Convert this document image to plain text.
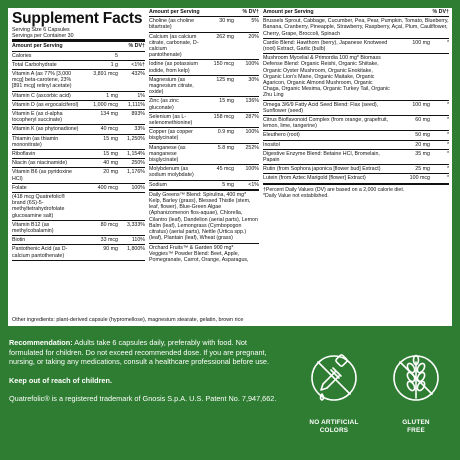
Supplement Facts
Serving Size 6 Capsules
Servings per Container 30
Amount per Serving	% DV†
Calories	5
Total Carbohydrate	1 g	<1%†
Vitamin A (as 77% [3,000 mcg] beta-carotene, 23% [891 mcg] retinyl acetate)
3,891 mcg	432%
Vitamin C (ascorbic acid)	1 mg	1%
Vitamin D (as ergocalciferol)	1,000 mcg	1,111%
Vitamin E (as d-alpha tocopheryl succinate)
134 mg	893%
Vitamin K (as phytonadione)	40 mcg	33%
Thiamin (as thiamin mononitrate)
15 mg	1,250%
Riboflavin	15 mg	1,154%
Niacin (as niacinamide)	40 mg	250%
Vitamin B6 (as pyridoxine HCl)
20 mg	1,176%
Folate	400 mcg	100%
(418 mcg Quatrefolic® brand (6S)-5-methyltetrahydrofolate glucosamine salt)
Vitamin B12 (as methylcobalamin)
80 mcg	3,333%
Biotin	33 mcg	110%
Pantothenic Acid (as D-calcium pantothenate)
90 mg	1,800%
Amount per Serving	% DV†
Choline (as choline bitartrate)
30 mg	5%
Calcium (as calcium citrate, carbonate, D-calcium pantothenate)
262 mg	20%
Iodine (as potassium iodide, from kelp)
150 mcg	100%
Magnesium (as magnesium citrate, oxide)
125 mg	30%
Zinc (as zinc gluconate)
15 mg	136%
Selenium (as L-selenomethionine)
158 mcg	287%
Copper (as copper bisglycinate)
0.9 mg	100%
Manganese (as manganese bisglycinate)
5.8 mg	252%
Molybdenum (as sodium molybdate)
45 mcg	100%
Sodium	5 mg	<1%
Daily Greens™ Blend: Spirulina, 400 mg* Kelp, Barley (grass), Blessed Thistle (stem, leaf, flower), Blue-Green Algae (Aphanizomenon flos-aquae), Chlorella, Cilantro (leaf), Dandelion (aerial parts), Lemon Balm (leaf), Lemongrass (Cymbopogon citratus) (aerial parts), Nettle (Urtica spp.) (leaf), Plantain (leaf), Wheat (grass)
Orchard Fruits™ & Garden 900 mg* Veggies™ Powder Blend: Beet, Apple, Pomegranate, Carrot, Orange, Asparagus,
Amount per Serving	% DV†
Brussels Sprout, Cabbage, Cucumber, Pea, Pear, Pumpkin, Tomato, Blueberry, Banana, Cranberry, Pineapple, Strawberry, Raspberry, Açaí, Plum, Cauliflower, Cherry, Grape, Broccoli, Spinach
Cardio Blend: Hawthorn (berry), Japanese Knotweed (root) Extract, Garlic (bulb)
100 mg	*
Mushroom Mycelial & Primordia 100 mg* Biomass Defense Blend: Organic Reishi, Organic Shiitake, Organic Oyster Mushroom, Organic Enokitake, Organic Lion's Mane, Organic Maitake, Organic Agaricon, Organic Almond Mushroom, Organic Chaga, Organic Mesima, Organic Turkey Tail, Organic Zhu Ling
Omega 3/6/9 Fatty Acid Seed Blend: Flax (seed), Sunflower (seed)
100 mg	*
Citrus Bioflavonoid Complex (from orange, grapefruit, lemon, lime, tangerine)
60 mg	*
Eleuthero (root)	50 mg	*
Inositol	20 mg	*
Digestive Enzyme Blend: Betaine HCl, Bromelain, Papain
35 mg	*
Rutin (from Sophora japonica [flower bud] Extract)	25 mg	*
Lutein (from Aztec Marigold [flower] Extract)	100 mcg	*
†Percent Daily Values (DV) are based on a 2,000 calorie diet.
*Daily Value not established.
Other ingredients: plant-derived capsule (hypromellose), magnesium stearate, gelatin, brown rice

Recommendation: Adults take 6 capsules daily, preferably with food. Not formulated for children. Do not exceed recommended dose. If you are pregnant, nursing, or taking any medications, consult a healthcare professional before use.

Keep out of reach of children.

Quatrefolic® is a registered trademark of Gnosis S.p.A. U.S. Patent No. 7,947,662.

NO ARTIFICIAL
COLORS
GLUTEN
FREE
